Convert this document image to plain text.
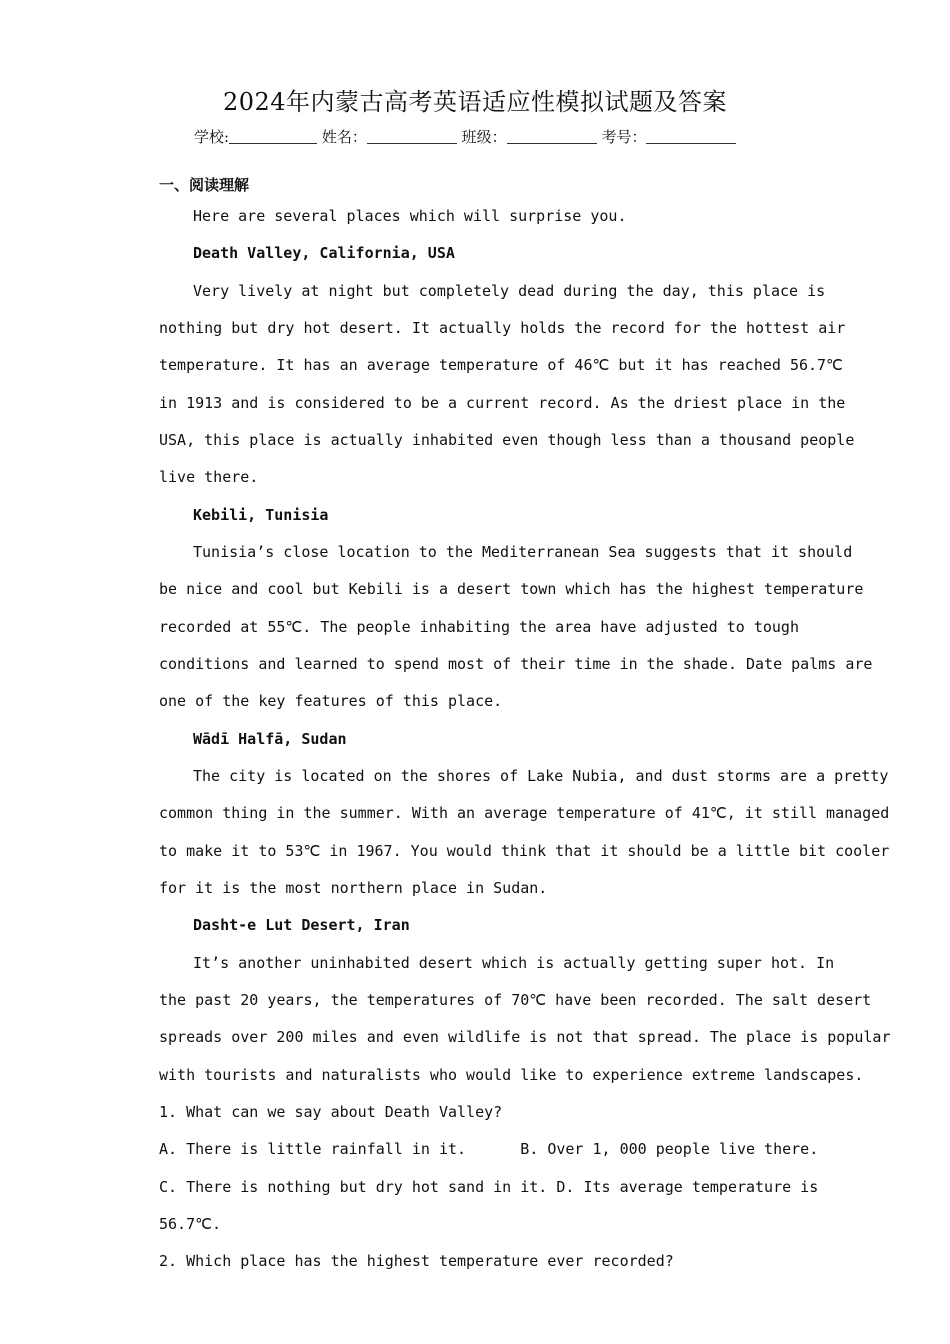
2024年内蒙古高考英语适应性模拟试题及答案
学校:	姓名：	班级：	考号：
一、阅读理解
Here are several places which will surprise you.
Death Valley, California, USA
Very lively at night but completely dead during the day, this place is
nothing but dry hot desert. It actually holds the record for the hottest air
temperature. It has an average temperature of 46℃ but it has reached 56.7℃
in 1913 and is considered to be a current record. As the driest place in the
USA, this place is actually inhabited even though less than a thousand people
live there.
Kebili, Tunisia
Tunisia’s close location to the Mediterranean Sea suggests that it should
be nice and cool but Kebili is a desert town which has the highest temperature
recorded at 55℃. The people inhabiting the area have adjusted to tough
conditions and learned to spend most of their time in the shade. Date palms are
one of the key features of this place.
Wādī Halfā, Sudan
The city is located on the shores of Lake Nubia, and dust storms are a pretty
common thing in the summer. With an average temperature of 41℃, it still managed
to make it to 53℃ in 1967. You would think that it should be a little bit cooler
for it is the most northern place in Sudan.
Dasht-e Lut Desert, Iran
It’s another uninhabited desert which is actually getting super hot. In
the past 20 years, the temperatures of 70℃ have been recorded. The salt desert
spreads over 200 miles and even wildlife is not that spread. The place is popular
with tourists and naturalists who would like to experience extreme landscapes.
1. What can we say about Death Valley?
A. There is little rainfall in it.      B. Over 1, 000 people live there.
C. There is nothing but dry hot sand in it. D. Its average temperature is
56.7℃.
2. Which place has the highest temperature ever recorded?
